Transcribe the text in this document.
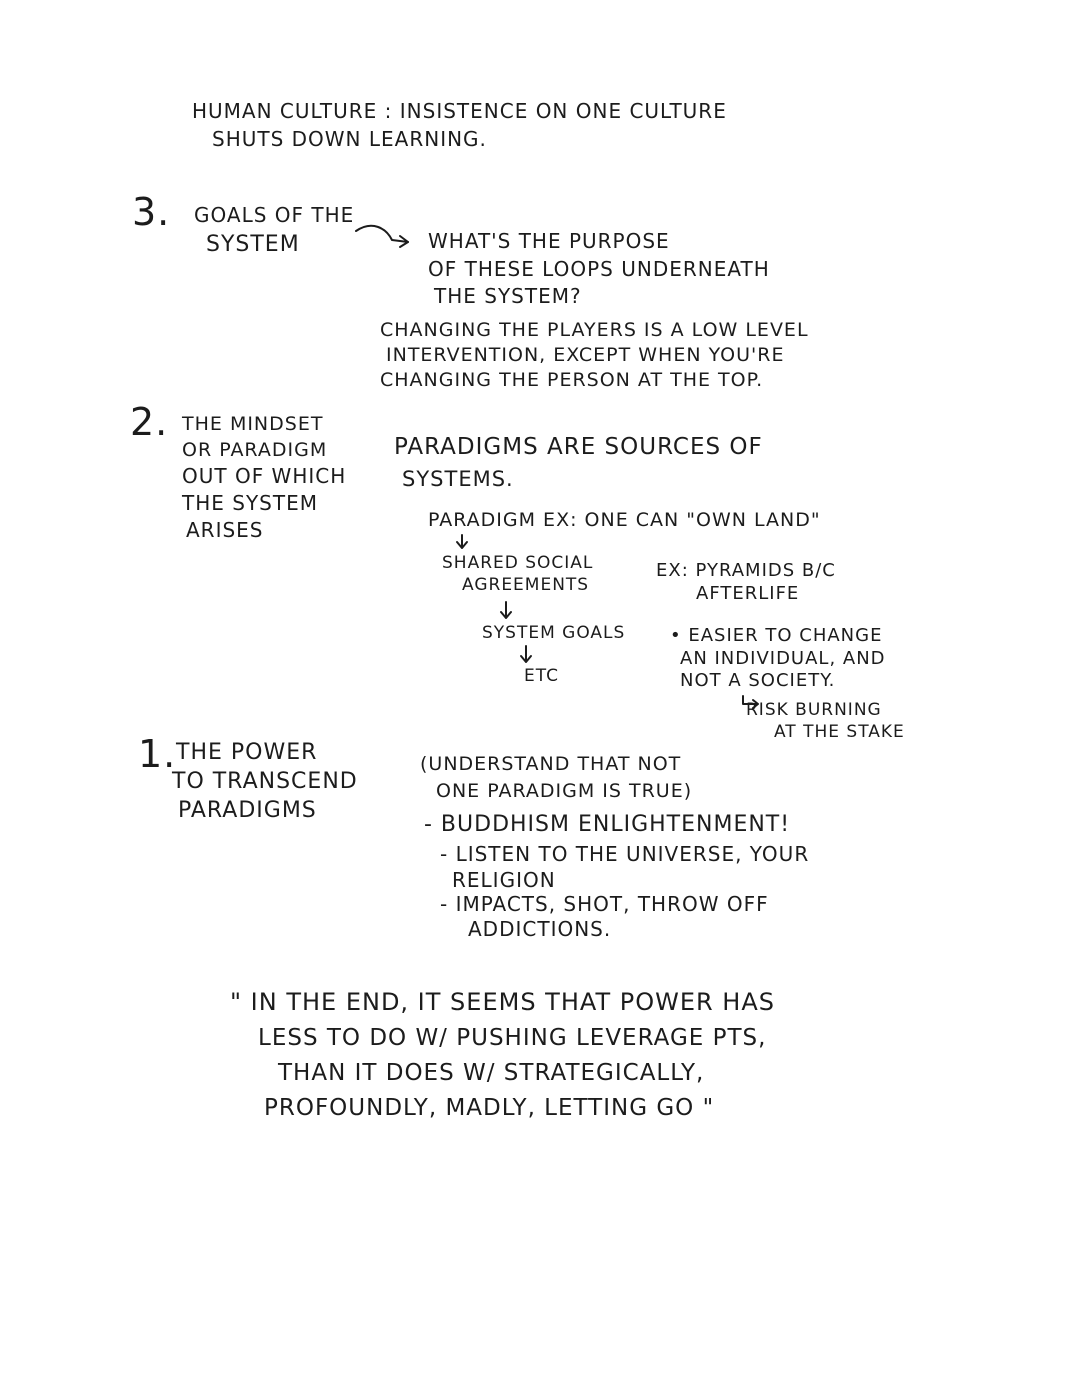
HUMAN CULTURE : INSISTENCE ON ONE CULTURE
SHUTS DOWN LEARNING.
3. GOALS OF THE
SYSTEM	WHAT'S THE PURPOSE
OF THESE LOOPS UNDERNEATH
THE SYSTEM?
CHANGING THE PLAYERS IS A LOW LEVEL
INTERVENTION, EXCEPT WHEN YOU'RE
CHANGING THE PERSON AT THE TOP.
2. THE MINDSET
OR PARADIGM
OUT OF WHICH
THE SYSTEM
ARISES
PARADIGMS ARE SOURCES OF
SYSTEMS.
PARADIGM EX: ONE CAN "OWN LAND"
SHARED SOCIAL
AGREEMENTS
SYSTEM GOALS
ETC
EX: PYRAMIDS B/C
AFTERLIFE
• EASIER TO CHANGE
AN INDIVIDUAL, AND
NOT A SOCIETY.
RISK BURNING
AT THE STAKE
1. THE POWER
TO TRANSCEND
PARADIGMS
(UNDERSTAND THAT NOT
ONE PARADIGM IS TRUE)
- BUDDHISM ENLIGHTENMENT!
- LISTEN TO THE UNIVERSE, YOUR
RELIGION
- IMPACTS, SHOT, THROW OFF
ADDICTIONS.
" IN THE END, IT SEEMS THAT POWER HAS
LESS TO DO W/ PUSHING LEVERAGE PTS,
THAN IT DOES W/ STRATEGICALLY,
PROFOUNDLY, MADLY, LETTING GO "
